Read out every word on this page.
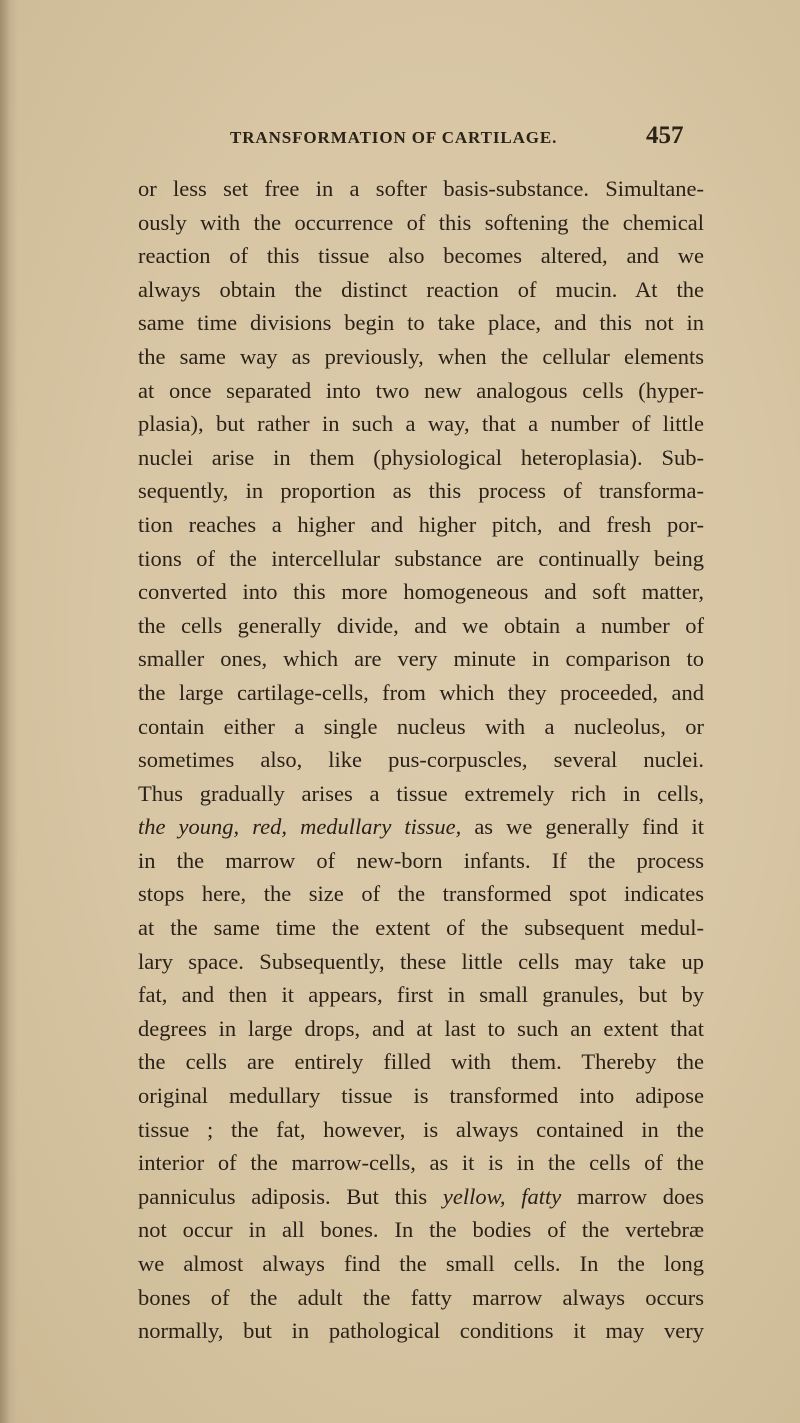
TRANSFORMATION OF CARTILAGE.	457
or less set free in a softer basis-substance. Simultane-
ously with the occurrence of this softening the chemical
reaction of this tissue also becomes altered, and we
always obtain the distinct reaction of mucin. At the
same time divisions begin to take place, and this not in
the same way as previously, when the cellular elements
at once separated into two new analogous cells (hyper-
plasia), but rather in such a way, that a number of little
nuclei arise in them (physiological heteroplasia). Sub-
sequently, in proportion as this process of transforma-
tion reaches a higher and higher pitch, and fresh por-
tions of the intercellular substance are continually being
converted into this more homogeneous and soft matter,
the cells generally divide, and we obtain a number of
smaller ones, which are very minute in comparison to
the large cartilage-cells, from which they proceeded, and
contain either a single nucleus with a nucleolus, or
sometimes also, like pus-corpuscles, several nuclei.
Thus gradually arises a tissue extremely rich in cells,
the young, red, medullary tissue, as we generally find it
in the marrow of new-born infants. If the process
stops here, the size of the transformed spot indicates
at the same time the extent of the subsequent medul-
lary space. Subsequently, these little cells may take up
fat, and then it appears, first in small granules, but by
degrees in large drops, and at last to such an extent that
the cells are entirely filled with them. Thereby the
original medullary tissue is transformed into adipose
tissue ; the fat, however, is always contained in the
interior of the marrow-cells, as it is in the cells of the
panniculus adiposis. But this yellow, fatty marrow does
not occur in all bones. In the bodies of the vertebræ
we almost always find the small cells. In the long
bones of the adult the fatty marrow always occurs
normally, but in pathological conditions it may very
